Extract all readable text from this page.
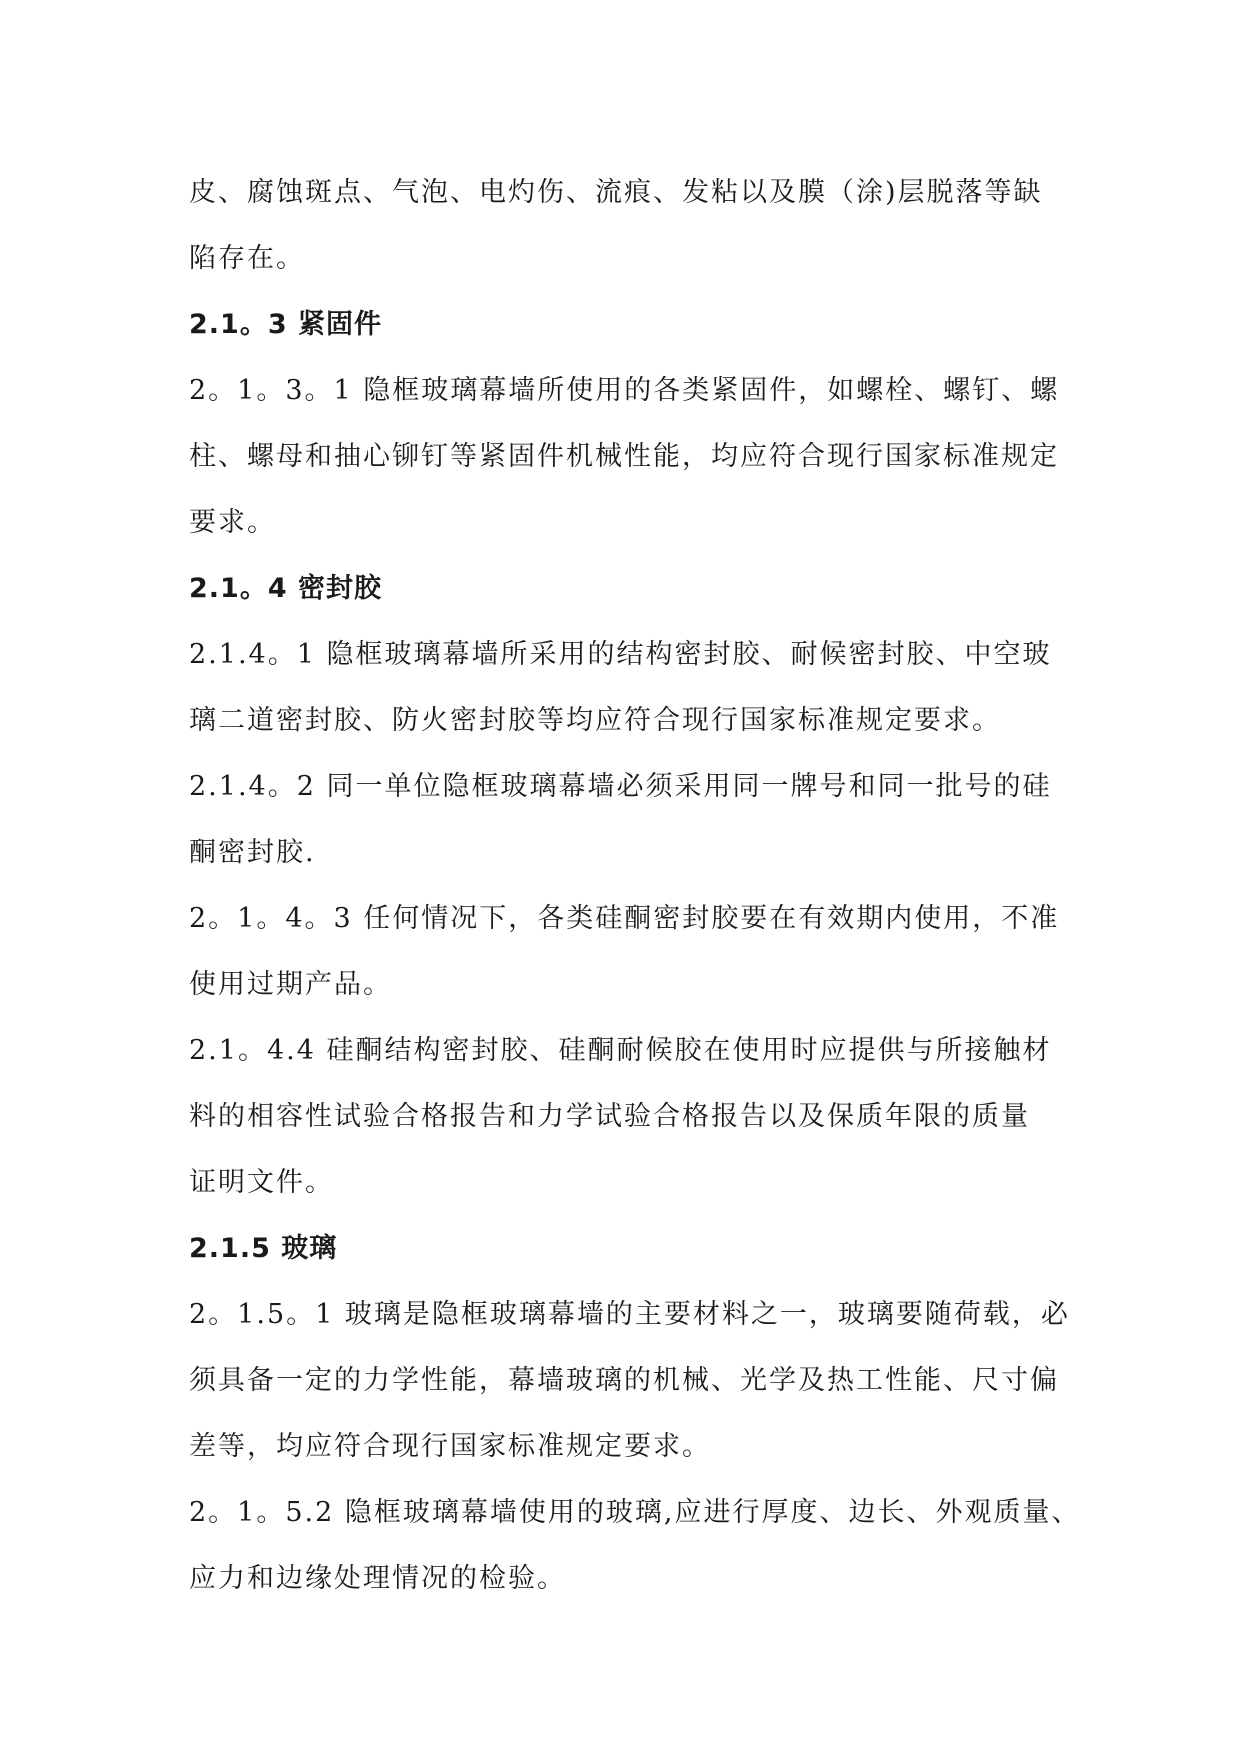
皮、腐蚀斑点、气泡、电灼伤、流痕、发粘以及膜（涂)层脱落等缺
陷存在。
2.1。3 紧固件
2。1。3。1 隐框玻璃幕墙所使用的各类紧固件，如螺栓、螺钉、螺
柱、螺母和抽心铆钉等紧固件机械性能，均应符合现行国家标准规定
要求。
2.1。4 密封胶
2.1.4。1 隐框玻璃幕墙所采用的结构密封胶、耐候密封胶、中空玻
璃二道密封胶、防火密封胶等均应符合现行国家标准规定要求。
2.1.4。2 同一单位隐框玻璃幕墙必须采用同一牌号和同一批号的硅
酮密封胶.
2。1。4。3 任何情况下，各类硅酮密封胶要在有效期内使用，不准
使用过期产品。
2.1。4.4 硅酮结构密封胶、硅酮耐候胶在使用时应提供与所接触材
料的相容性试验合格报告和力学试验合格报告以及保质年限的质量
证明文件。
2.1.5 玻璃
2。1.5。1 玻璃是隐框玻璃幕墙的主要材料之一，玻璃要随荷载，必
须具备一定的力学性能，幕墙玻璃的机械、光学及热工性能、尺寸偏
差等，均应符合现行国家标准规定要求。
2。1。5.2 隐框玻璃幕墙使用的玻璃,应进行厚度、边长、外观质量、
应力和边缘处理情况的检验。
